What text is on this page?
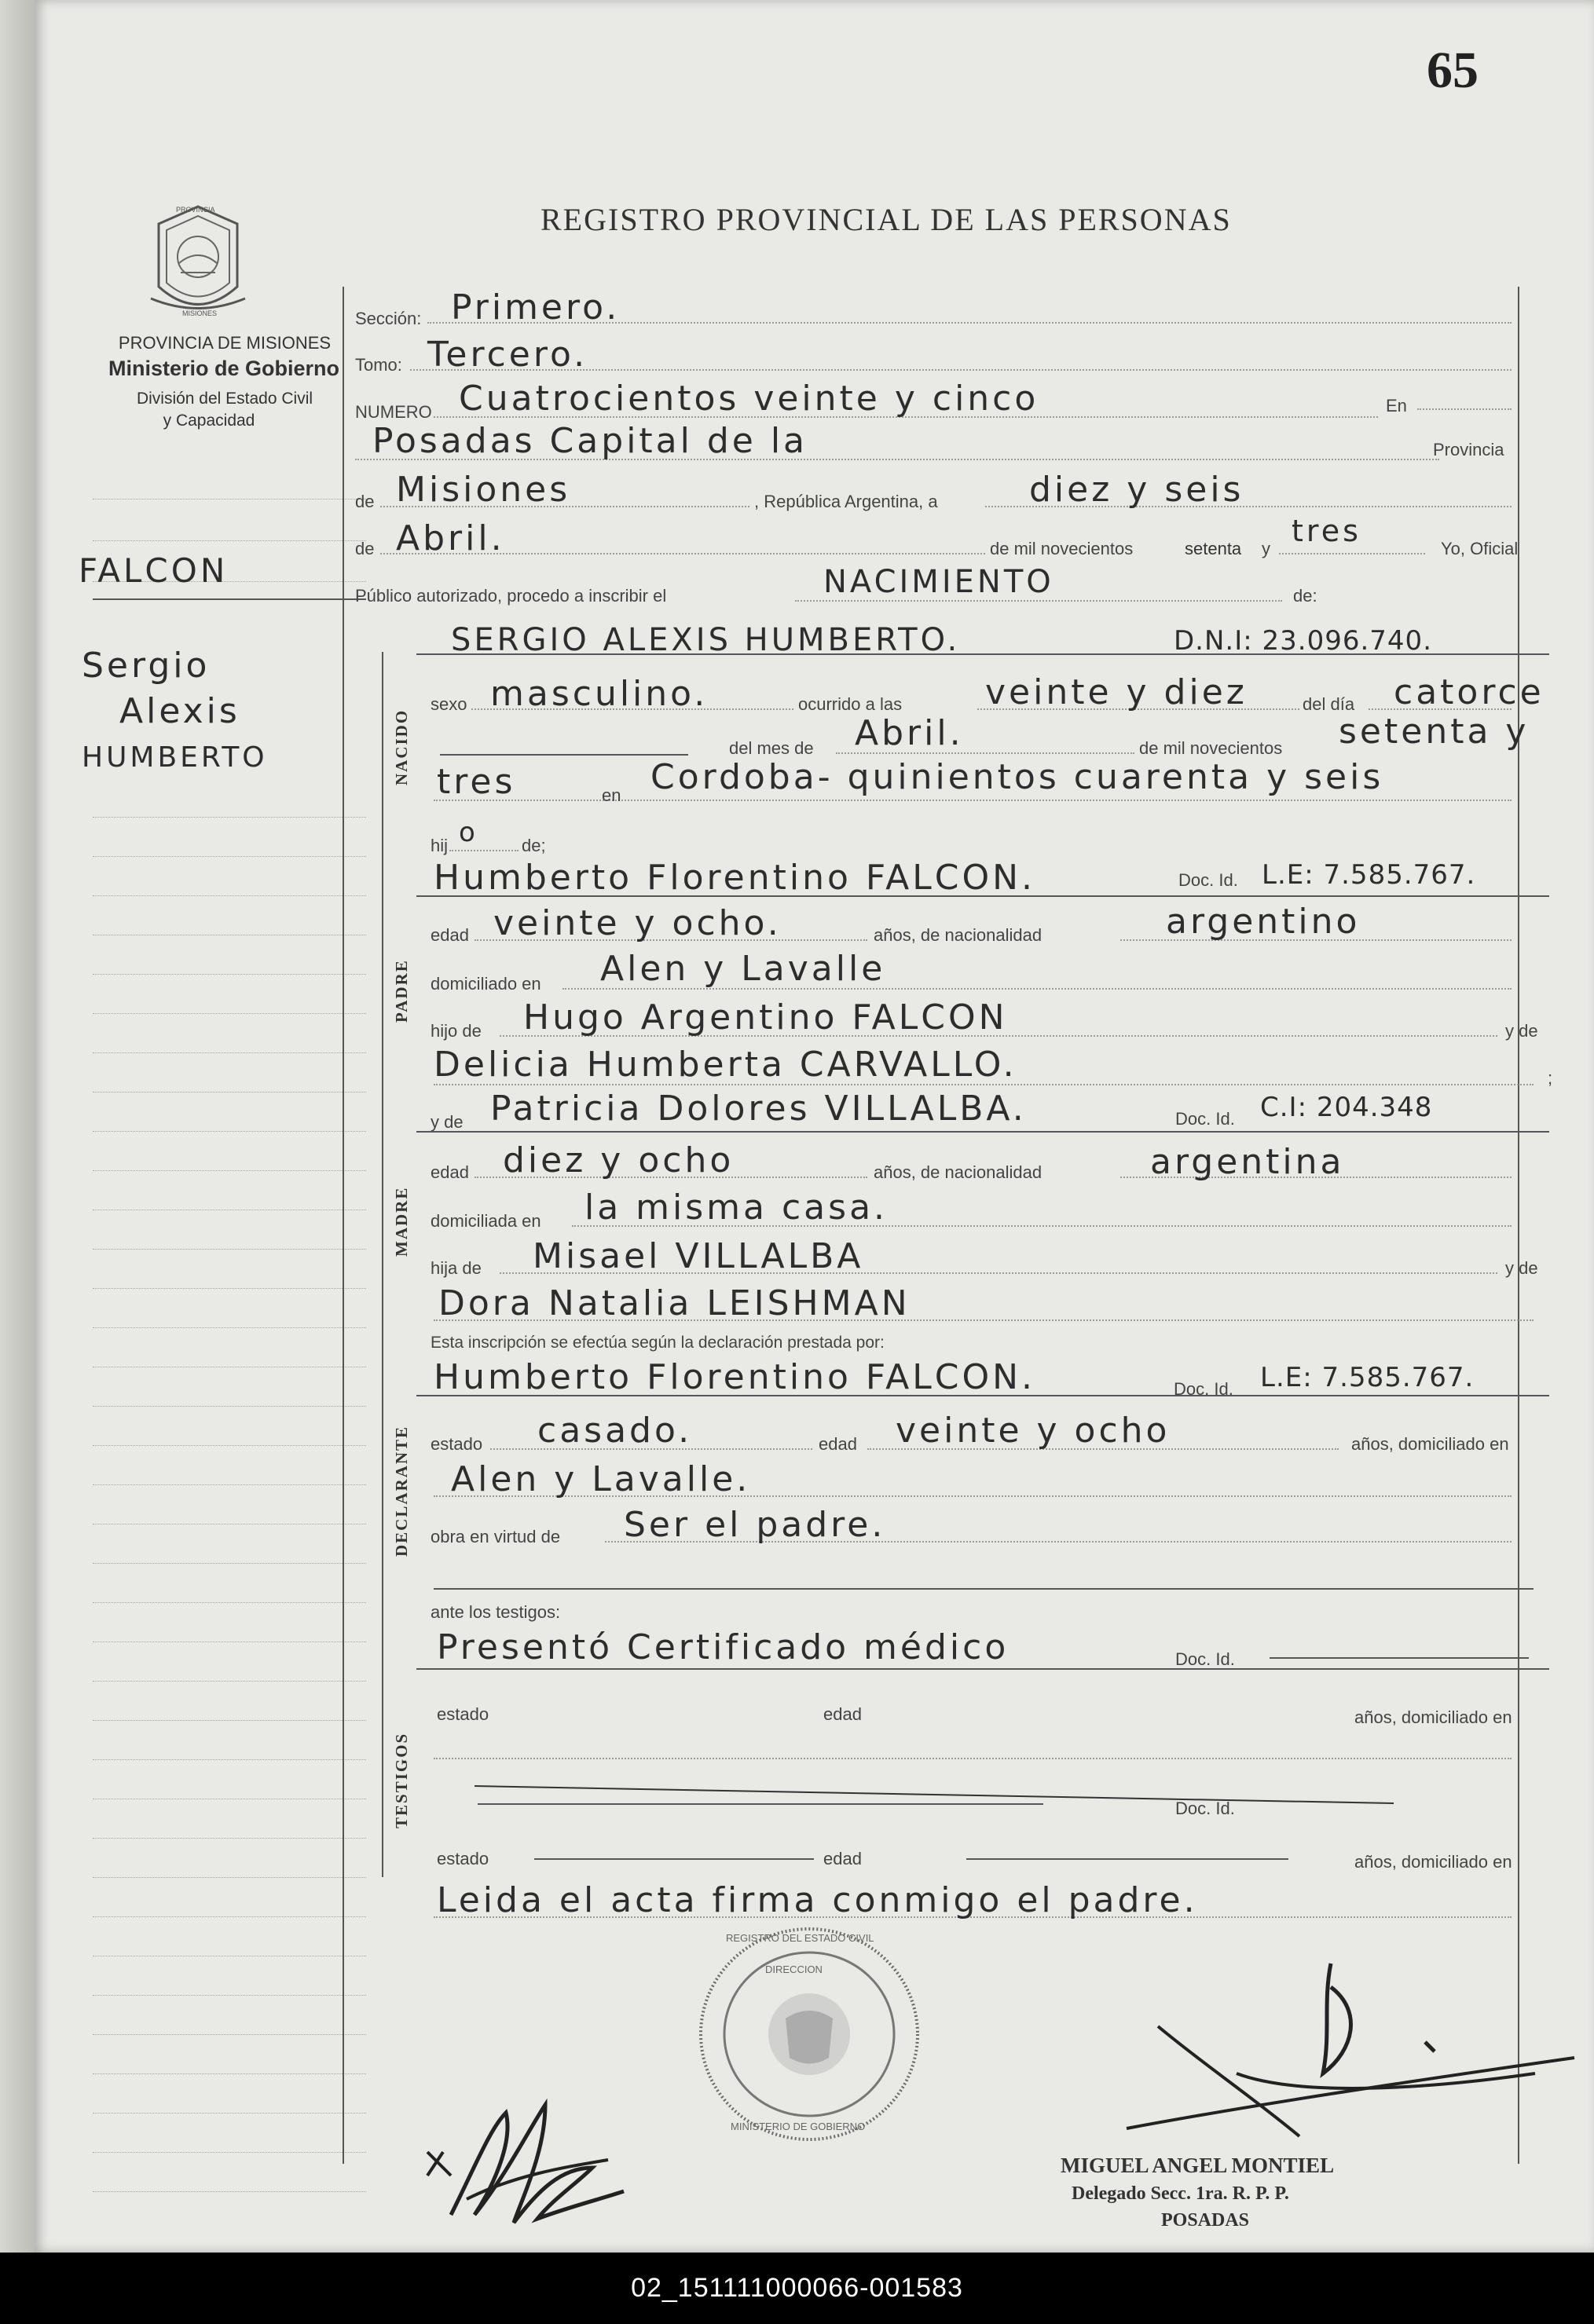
65
REGISTRO PROVINCIAL DE LAS PERSONAS
PROVINCIA
MISIONES
PROVINCIA DE MISIONES
Ministerio de Gobierno
División del Estado Civil
y Capacidad
FALCON
Sergio
Alexis
HUMBERTO
Sección: Primero.
Tomo: Tercero.
NUMERO Cuatrocientos veinte y cinco	En
Posadas Capital de la	Provincia
de Misiones	, República Argentina, a	diez y seis
de Abril.	de mil novecientos	setenta y
tres
Yo, Oficial
Público autorizado, procedo a inscribir el	NACIMIENTO	de:
SERGIO ALEXIS HUMBERTO.	D.N.I: 23.096.740.
NACIDO
sexo masculino.	ocurrido a las veinte y diez	del día catorce
del mes de Abril.	de mil novecientos setenta y
tres	en Cordoba- quinientos cuarenta y seis
hij o	de;
Humberto Florentino FALCON.	Doc. Id. L.E: 7.585.767.
PADRE
edad veinte y ocho.	años, de nacionalidad	argentino
domiciliado en Alen y Lavalle
hijo de Hugo Argentino FALCON	y de
Delicia Humberta CARVALLO.	;
y de Patricia Dolores VILLALBA.	Doc. Id. C.I: 204.348
MADRE
edad diez y ocho	años, de nacionalidad	argentina
domiciliada en la misma casa.
hija de Misael VILLALBA	y de
Dora Natalia LEISHMAN
Esta inscripción se efectúa según la declaración prestada por:
Humberto Florentino FALCON.	Doc. Id. L.E: 7.585.767.
DECLARANTE estado casado.	edad veinte y ocho	años, domiciliado en
Alen y Lavalle.
obra en virtud de Ser el padre.
ante los testigos:
Presentó Certificado médico	Doc. Id.
TESTIGOS
estado	edad	años, domiciliado en
Doc. Id.
estado	edad	años, domiciliado en
Leida el acta firma conmigo el padre.
REGISTRO DEL ESTADO CIVIL
DIRECCION
MINISTERIO DE GOBIERNO
MIGUEL ANGEL MONTIEL
Delegado Secc. 1ra. R. P. P.
POSADAS
02_151111000066-001583
